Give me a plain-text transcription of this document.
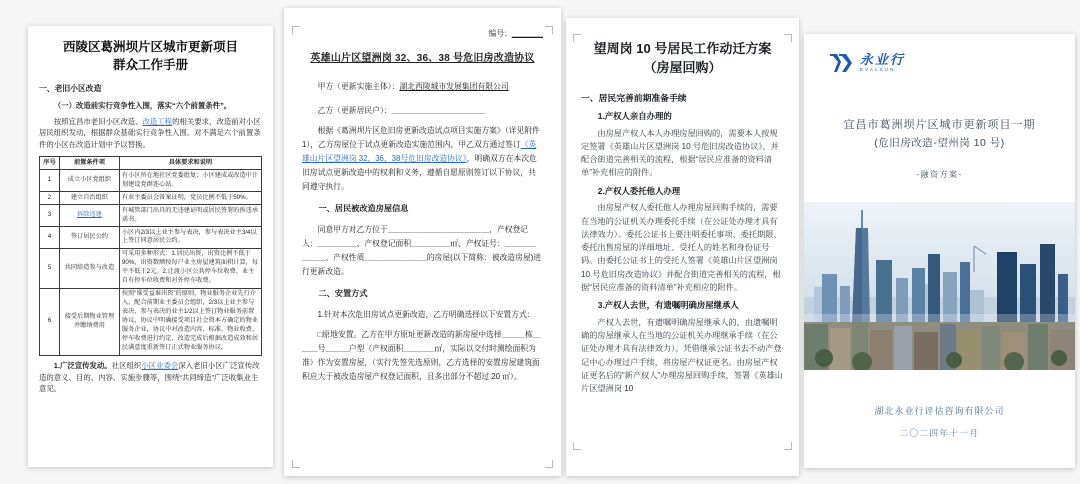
西陵区葛洲坝片区城市更新项目
群众工作手册
一、老旧小区改造
（一）改造前实行竞争性入围，落实“六个前置条件”。
按照宜昌市老旧小区改造、改造工程的相关要求，改造前对小区居民组织发动，根据群众基础实行竞争性入围。对不满足六个前置条件的小区在改造计划中予以替换。
序号	前置条件项	具体要求和说明
1	成立小区党组织	有小区所在地社区党委批复；小区建成或改造中计划建设党群连心站。
2	建立自治组织	有业主委员会备案证明，党员比例不低于50%。
3	拆除违建	有城管部门出具的无违建证明或居民签署的拆违承诺书。
4	签订居民公约	小区内2/3以上业主参与表决，参与表决业主3/4以上签订同意居民公约。
5	共同缔造参与改造	可采用多种形式：1.居民出资，出资比例不低于90%，出资数额按每户业主房屋建筑面积计算，每平不低于2元。2.让渡小区公共停车位收费、业主自有停车位收费和对外停车收费。
6	接受后期物业管理并缴纳费用	按照“谁受益谁出资”的原则，物业服务企业先行介入，配合前期业主委员会组织，2/3以上业主参与表决，参与表决的业主1/2以上签订物业服务前置协议，协议中明确接受项目社会资本方确定的物业服务企业，协议中对改造内容、标准、物业收费、停车收费进行约定，改造完成后根据改造成效和居民满意度重新签订正式物业服务协议。
1.广泛宣传发动。社区组织小区业委会深入老旧小区广泛宣传改造的意义、目的、内容、实施步骤等，围绕“共同缔造”广泛收集业主意见。
编号：＿＿＿＿
英雄山片区望洲岗 32、36、38 号危旧房改造协议
甲方（更新实施主体）：湖北西陵城市发展集团有限公司
乙方（更新居民户）：＿＿＿＿＿＿＿＿＿＿＿＿
根据《葛洲坝片区危旧房更新改造试点项目实施方案》（详见附件 1），乙方房屋位于试点更新改造实施范围内，甲乙双方通过签订《英雄山片区望洲岗 32、36、38号危旧房改造协议》，明确双方在本次危旧房试点更新改造中的权利和义务，遵循自愿原则签订以下协议，共同遵守执行。
一、居民被改造房屋信息
同意甲方对乙方位于＿＿＿＿＿＿＿＿＿＿＿＿＿，产权登记人：＿＿＿＿＿、产权登记面积＿＿＿＿＿㎡、产权证号：＿＿＿＿＿＿＿、产权性质＿＿＿＿＿＿＿＿的房屋(以下简称：被改造房屋)进行更新改造。
二、安置方式
1.针对本次危旧房试点更新改造，乙方明确选择以下安置方式：
□原地安置。乙方在甲方原址更新改造的新房屋中选择＿＿＿栋＿＿＿号＿＿＿户型（产权面积＿＿＿＿㎡，实际以交付时测绘面积为准）作为安置房屋，（实行先签先选原则，乙方选择的安置房屋建筑面积应大于被改造房屋产权登记面积，且多出部分不超过 20 ㎡）。
望周岗 10 号居民工作动迁方案
（房屋回购）
一、居民完善前期准备手续
1.产权人亲自办理的
由房屋产权人本人办理房屋回购的，需要本人按规定签署《英雄山片区望洲岗 10 号危旧房改造协议》，并配合街道完善相关的流程，根据“居民应准备的资料清单”补充相应的附件。
2.产权人委托他人办理
由房屋产权人委托他人办理房屋回购手续的，需要在当地的公证机关办理委托手续（在公证处办理才具有法律效力）。委托公证书上要注明委托事项、委托期限、委托出售房屋的详细地址、受托人的姓名和身份证号码。由委托公证书上的受托人签署《英雄山片区望洲岗 10 号危旧房改造协议》并配合街道完善相关的流程，根据“居民应准备的资料清单”补充相应的附件。
3.产权人去世，有遗嘱明确房屋继承人
产权人去世，有遗嘱明确房屋继承人的，由遗嘱明确的房屋继承人在当地的公证机关办理继承手续（在公证处办理才具有法律效力）。凭借继承公证书去不动产登记中心办理过户手续，将房屋产权证更名。由房屋产权证更名后的“新产权人”办理房屋回购手续，签署《英雄山片区望洲岗 10
永业行
EVALSUN
宜昌市葛洲坝片区城市更新项目一期
(危旧房改造-望州岗 10 号)
-融资方案-
湖北永业行评估咨询有限公司
二〇二四年十一月
